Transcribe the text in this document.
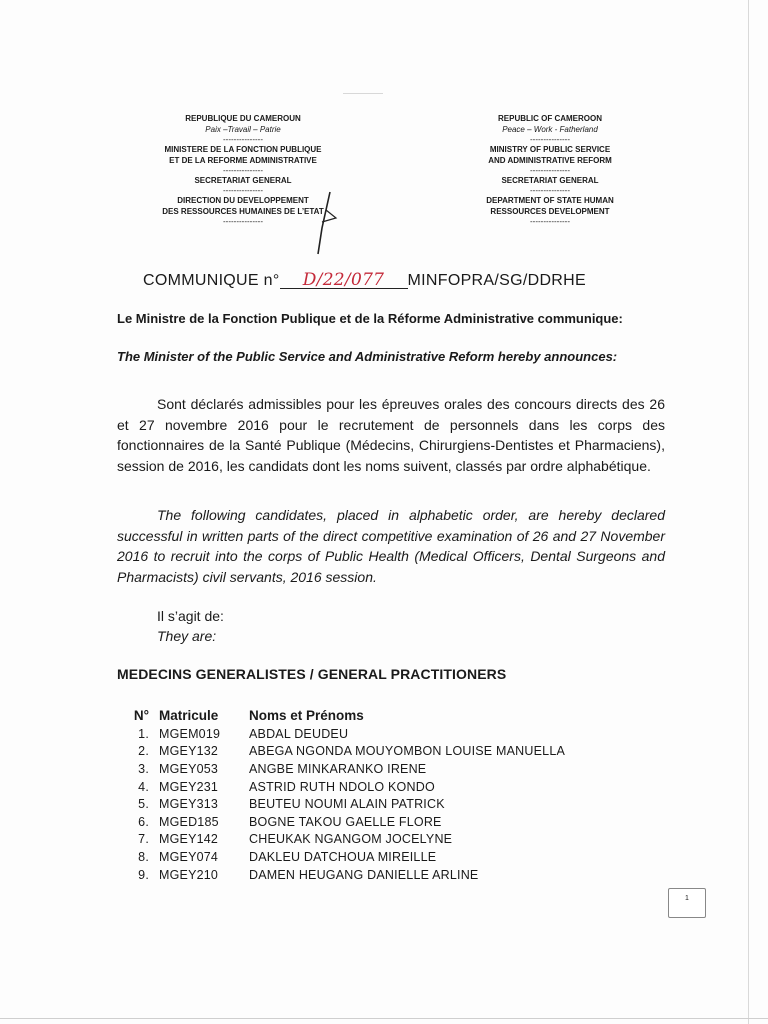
REPUBLIQUE DU CAMEROUN
Paix –Travail – Patrie
---------------
MINISTERE DE LA FONCTION PUBLIQUE
ET DE LA REFORME ADMINISTRATIVE
---------------
SECRETARIAT GENERAL
---------------
DIRECTION DU DEVELOPPEMENT
DES RESSOURCES HUMAINES DE L’ETAT
---------------
REPUBLIC OF CAMEROON
Peace – Work - Fatherland
---------------
MINISTRY OF PUBLIC SERVICE
AND ADMINISTRATIVE REFORM
---------------
SECRETARIAT GENERAL
---------------
DEPARTMENT OF STATE HUMAN
RESSOURCES DEVELOPMENT
---------------
COMMUNIQUE n° D/22/077 MINFOPRA/SG/DDRHE
Le Ministre de la Fonction Publique et de la Réforme Administrative communique:
The Minister of the Public Service and Administrative Reform hereby announces:
Sont déclarés admissibles pour les épreuves orales des concours directs des 26 et 27 novembre 2016 pour le recrutement de personnels dans les corps des fonctionnaires de la Santé Publique (Médecins, Chirurgiens-Dentistes et Pharmaciens), session de 2016, les candidats dont les noms suivent, classés par ordre alphabétique.
The following candidates, placed in alphabetic order, are hereby declared successful in written parts of the direct competitive examination of 26 and 27 November 2016 to recruit into the corps of Public Health (Medical Officers, Dental Surgeons and Pharmacists) civil servants, 2016 session.
Il s’agit de:
They are:
MEDECINS GENERALISTES / GENERAL PRACTITIONERS
N°	Matricule	Noms et Prénoms
1.	MGEM019	ABDAL DEUDEU
2.	MGEY132	ABEGA NGONDA MOUYOMBON LOUISE MANUELLA
3.	MGEY053	ANGBE MINKARANKO IRENE
4.	MGEY231	ASTRID RUTH NDOLO KONDO
5.	MGEY313	BEUTEU NOUMI ALAIN PATRICK
6.	MGED185	BOGNE TAKOU GAELLE FLORE
7.	MGEY142	CHEUKAK NGANGOM JOCELYNE
8.	MGEY074	DAKLEU DATCHOUA MIREILLE
9.	MGEY210	DAMEN HEUGANG DANIELLE ARLINE
1
